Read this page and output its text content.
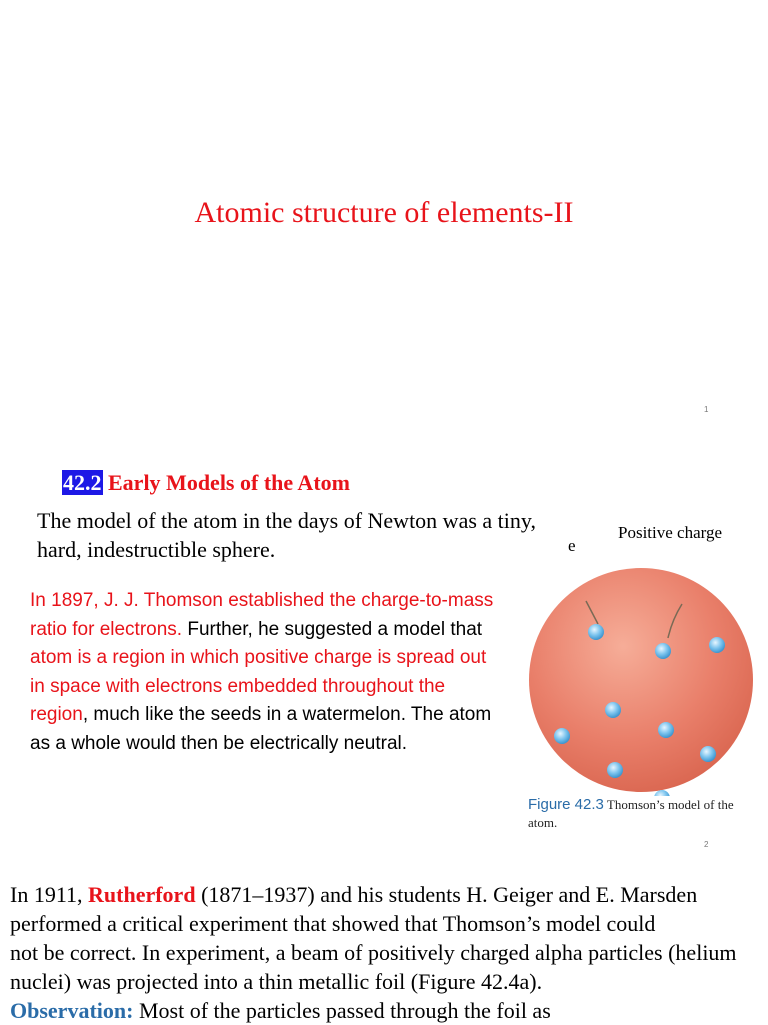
Atomic structure of elements-II
1
42.2 Early Models of the Atom
The model of the atom in the days of Newton was a tiny, hard, indestructible sphere.
In 1897, J. J. Thomson established the charge-to-mass ratio for electrons. Further, he suggested a model that atom is a region in which positive charge is spread out in space with electrons embedded throughout the region, much like the seeds in a watermelon. The atom as a whole would then be electrically neutral.
Positive charge
e
Figure 42.3 Thomson’s model of the atom.
2
In 1911, Rutherford (1871–1937) and his students H. Geiger and E. Marsden performed a critical experiment that showed that Thomson’s model could
not be correct. In experiment, a beam of positively charged alpha particles (helium nuclei) was projected into a thin metallic foil (Figure 42.4a).
Observation: Most of the particles passed through the foil as
